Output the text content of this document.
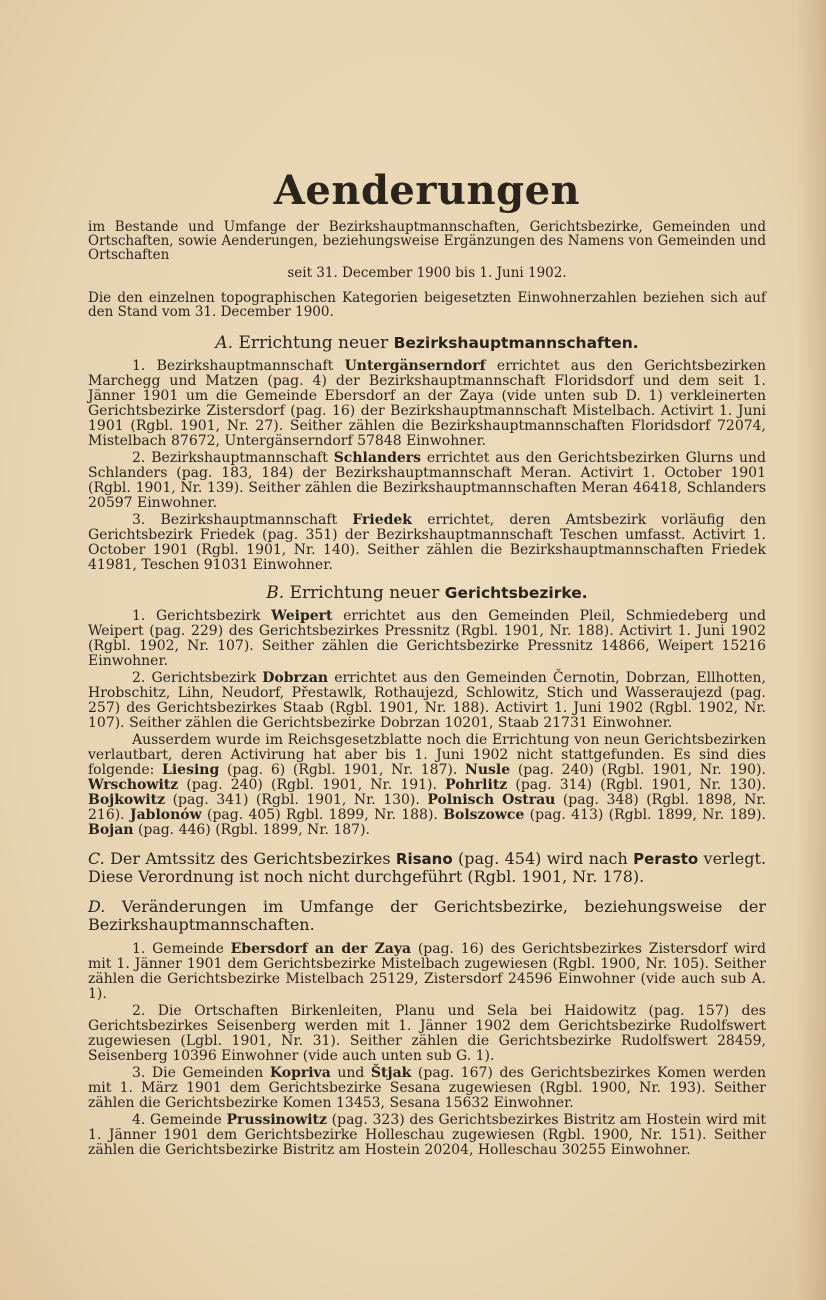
Aenderungen

im Bestande und Umfange der Bezirkshauptmannschaften, Gerichtsbezirke, Gemeinden und Ortschaften, sowie Aenderungen, beziehungsweise Ergänzungen des Namens von Gemeinden und Ortschaften

seit 31. December 1900 bis 1. Juni 1902.

Die den einzelnen topographischen Kategorien beigesetzten Einwohnerzahlen beziehen sich auf den Stand vom 31. December 1900.

A. Errichtung neuer Bezirkshauptmannschaften.

1. Bezirkshauptmannschaft Untergänserndorf errichtet aus den Gerichtsbezirken Marchegg und Matzen (pag. 4) der Bezirkshauptmannschaft Floridsdorf und dem seit 1. Jänner 1901 um die Gemeinde Ebersdorf an der Zaya (vide unten sub D. 1) verkleinerten Gerichtsbezirke Zistersdorf (pag. 16) der Bezirkshauptmannschaft Mistelbach. Activirt 1. Juni 1901 (Rgbl. 1901, Nr. 27). Seither zählen die Bezirkshauptmannschaften Floridsdorf 72074, Mistelbach 87672, Untergänserndorf 57848 Einwohner.

2. Bezirkshauptmannschaft Schlanders errichtet aus den Gerichtsbezirken Glurns und Schlanders (pag. 183, 184) der Bezirkshauptmannschaft Meran. Activirt 1. October 1901 (Rgbl. 1901, Nr. 139). Seither zählen die Bezirkshauptmannschaften Meran 46418, Schlanders 20597 Einwohner.

3. Bezirkshauptmannschaft Friedek errichtet, deren Amtsbezirk vorläufig den Gerichtsbezirk Friedek (pag. 351) der Bezirkshauptmannschaft Teschen umfasst. Activirt 1. October 1901 (Rgbl. 1901, Nr. 140). Seither zählen die Bezirkshauptmannschaften Friedek 41981, Teschen 91031 Einwohner.

B. Errichtung neuer Gerichtsbezirke.

1. Gerichtsbezirk Weipert errichtet aus den Gemeinden Pleil, Schmiedeberg und Weipert (pag. 229) des Gerichtsbezirkes Pressnitz (Rgbl. 1901, Nr. 188). Activirt 1. Juni 1902 (Rgbl. 1902, Nr. 107). Seither zählen die Gerichtsbezirke Pressnitz 14866, Weipert 15216 Einwohner.

2. Gerichtsbezirk Dobrzan errichtet aus den Gemeinden Černotin, Dobrzan, Ellhotten, Hrobschitz, Lihn, Neudorf, Přestawlk, Rothaujezd, Schlowitz, Stich und Wasseraujezd (pag. 257) des Gerichtsbezirkes Staab (Rgbl. 1901, Nr. 188). Activirt 1. Juni 1902 (Rgbl. 1902, Nr. 107). Seither zählen die Gerichtsbezirke Dobrzan 10201, Staab 21731 Einwohner.

Ausserdem wurde im Reichsgesetzblatte noch die Errichtung von neun Gerichtsbezirken verlautbart, deren Activirung hat aber bis 1. Juni 1902 nicht stattgefunden. Es sind dies folgende: Liesing (pag. 6) (Rgbl. 1901, Nr. 187). Nusle (pag. 240) (Rgbl. 1901, Nr. 190). Wrschowitz (pag. 240) (Rgbl. 1901, Nr. 191). Pohrlitz (pag. 314) (Rgbl. 1901, Nr. 130). Bojkowitz (pag. 341) (Rgbl. 1901, Nr. 130). Polnisch Ostrau (pag. 348) (Rgbl. 1898, Nr. 216). Jablonów (pag. 405) Rgbl. 1899, Nr. 188). Bolszowce (pag. 413) (Rgbl. 1899, Nr. 189). Bojan (pag. 446) (Rgbl. 1899, Nr. 187).

C. Der Amtssitz des Gerichtsbezirkes Risano (pag. 454) wird nach Perasto verlegt. Diese Verordnung ist noch nicht durchgeführt (Rgbl. 1901, Nr. 178).

D. Veränderungen im Umfange der Gerichtsbezirke, beziehungsweise der Bezirkshauptmannschaften.

1. Gemeinde Ebersdorf an der Zaya (pag. 16) des Gerichtsbezirkes Zistersdorf wird mit 1. Jänner 1901 dem Gerichtsbezirke Mistelbach zugewiesen (Rgbl. 1900, Nr. 105). Seither zählen die Gerichtsbezirke Mistelbach 25129, Zistersdorf 24596 Einwohner (vide auch sub A. 1).

2. Die Ortschaften Birkenleiten, Planu und Sela bei Haidowitz (pag. 157) des Gerichtsbezirkes Seisenberg werden mit 1. Jänner 1902 dem Gerichtsbezirke Rudolfswert zugewiesen (Lgbl. 1901, Nr. 31). Seither zählen die Gerichtsbezirke Rudolfswert 28459, Seisenberg 10396 Einwohner (vide auch unten sub G. 1).

3. Die Gemeinden Kopriva und Štjak (pag. 167) des Gerichtsbezirkes Komen werden mit 1. März 1901 dem Gerichtsbezirke Sesana zugewiesen (Rgbl. 1900, Nr. 193). Seither zählen die Gerichtsbezirke Komen 13453, Sesana 15632 Einwohner.

4. Gemeinde Prussinowitz (pag. 323) des Gerichtsbezirkes Bistritz am Hostein wird mit 1. Jänner 1901 dem Gerichtsbezirke Holleschau zugewiesen (Rgbl. 1900, Nr. 151). Seither zählen die Gerichtsbezirke Bistritz am Hostein 20204, Holleschau 30255 Einwohner.
